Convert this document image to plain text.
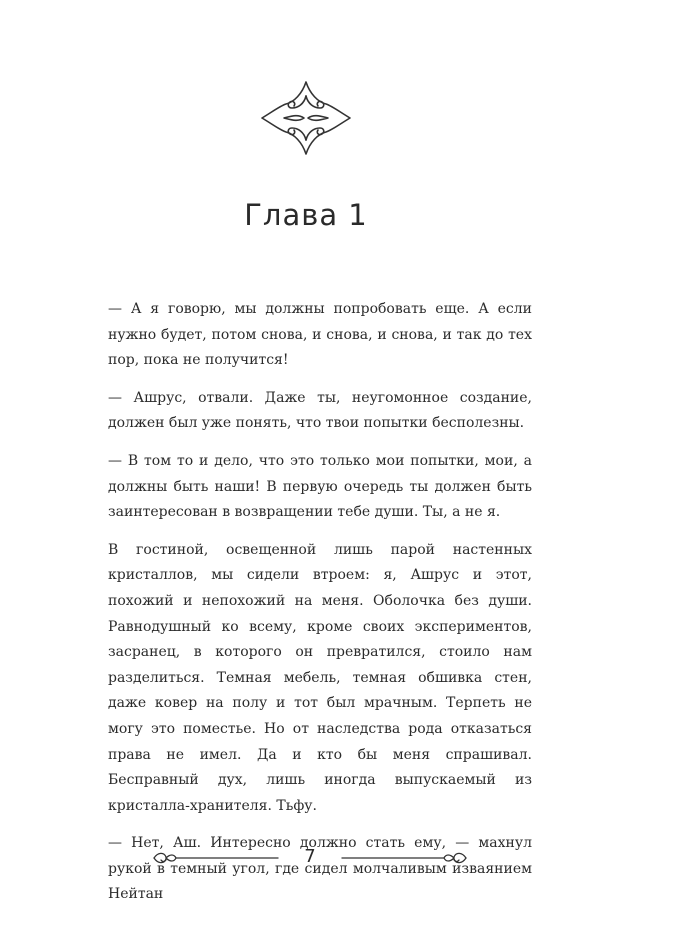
Глава 1

— А я говорю, мы должны попробовать еще. А если нужно будет, потом снова, и снова, и снова, и так до тех пор, пока не получится!

— Ашрус, отвали. Даже ты, неугомонное создание, должен был уже понять, что твои попытки бесполезны.

— В том то и дело, что это только мои попытки, мои, а должны быть наши! В первую очередь ты должен быть заинтересован в возвращении тебе души. Ты, а не я.

В гостиной, освещенной лишь парой настенных кристаллов, мы сидели втроем: я, Ашрус и этот, похожий и непохожий на меня. Оболочка без души. Равнодушный ко всему, кроме своих экспериментов, засранец, в которого он превратился, стоило нам разделиться. Темная мебель, темная обшивка стен, даже ковер на полу и тот был мрачным. Терпеть не могу это поместье. Но от наследства рода отказаться права не имел. Да и кто бы меня спрашивал. Бесправный дух, лишь иногда выпускаемый из кристалла-хранителя. Тьфу.

— Нет, Аш. Интересно должно стать ему, — махнул рукой в темный угол, где сидел молчаливым изваянием Нейтан

7
